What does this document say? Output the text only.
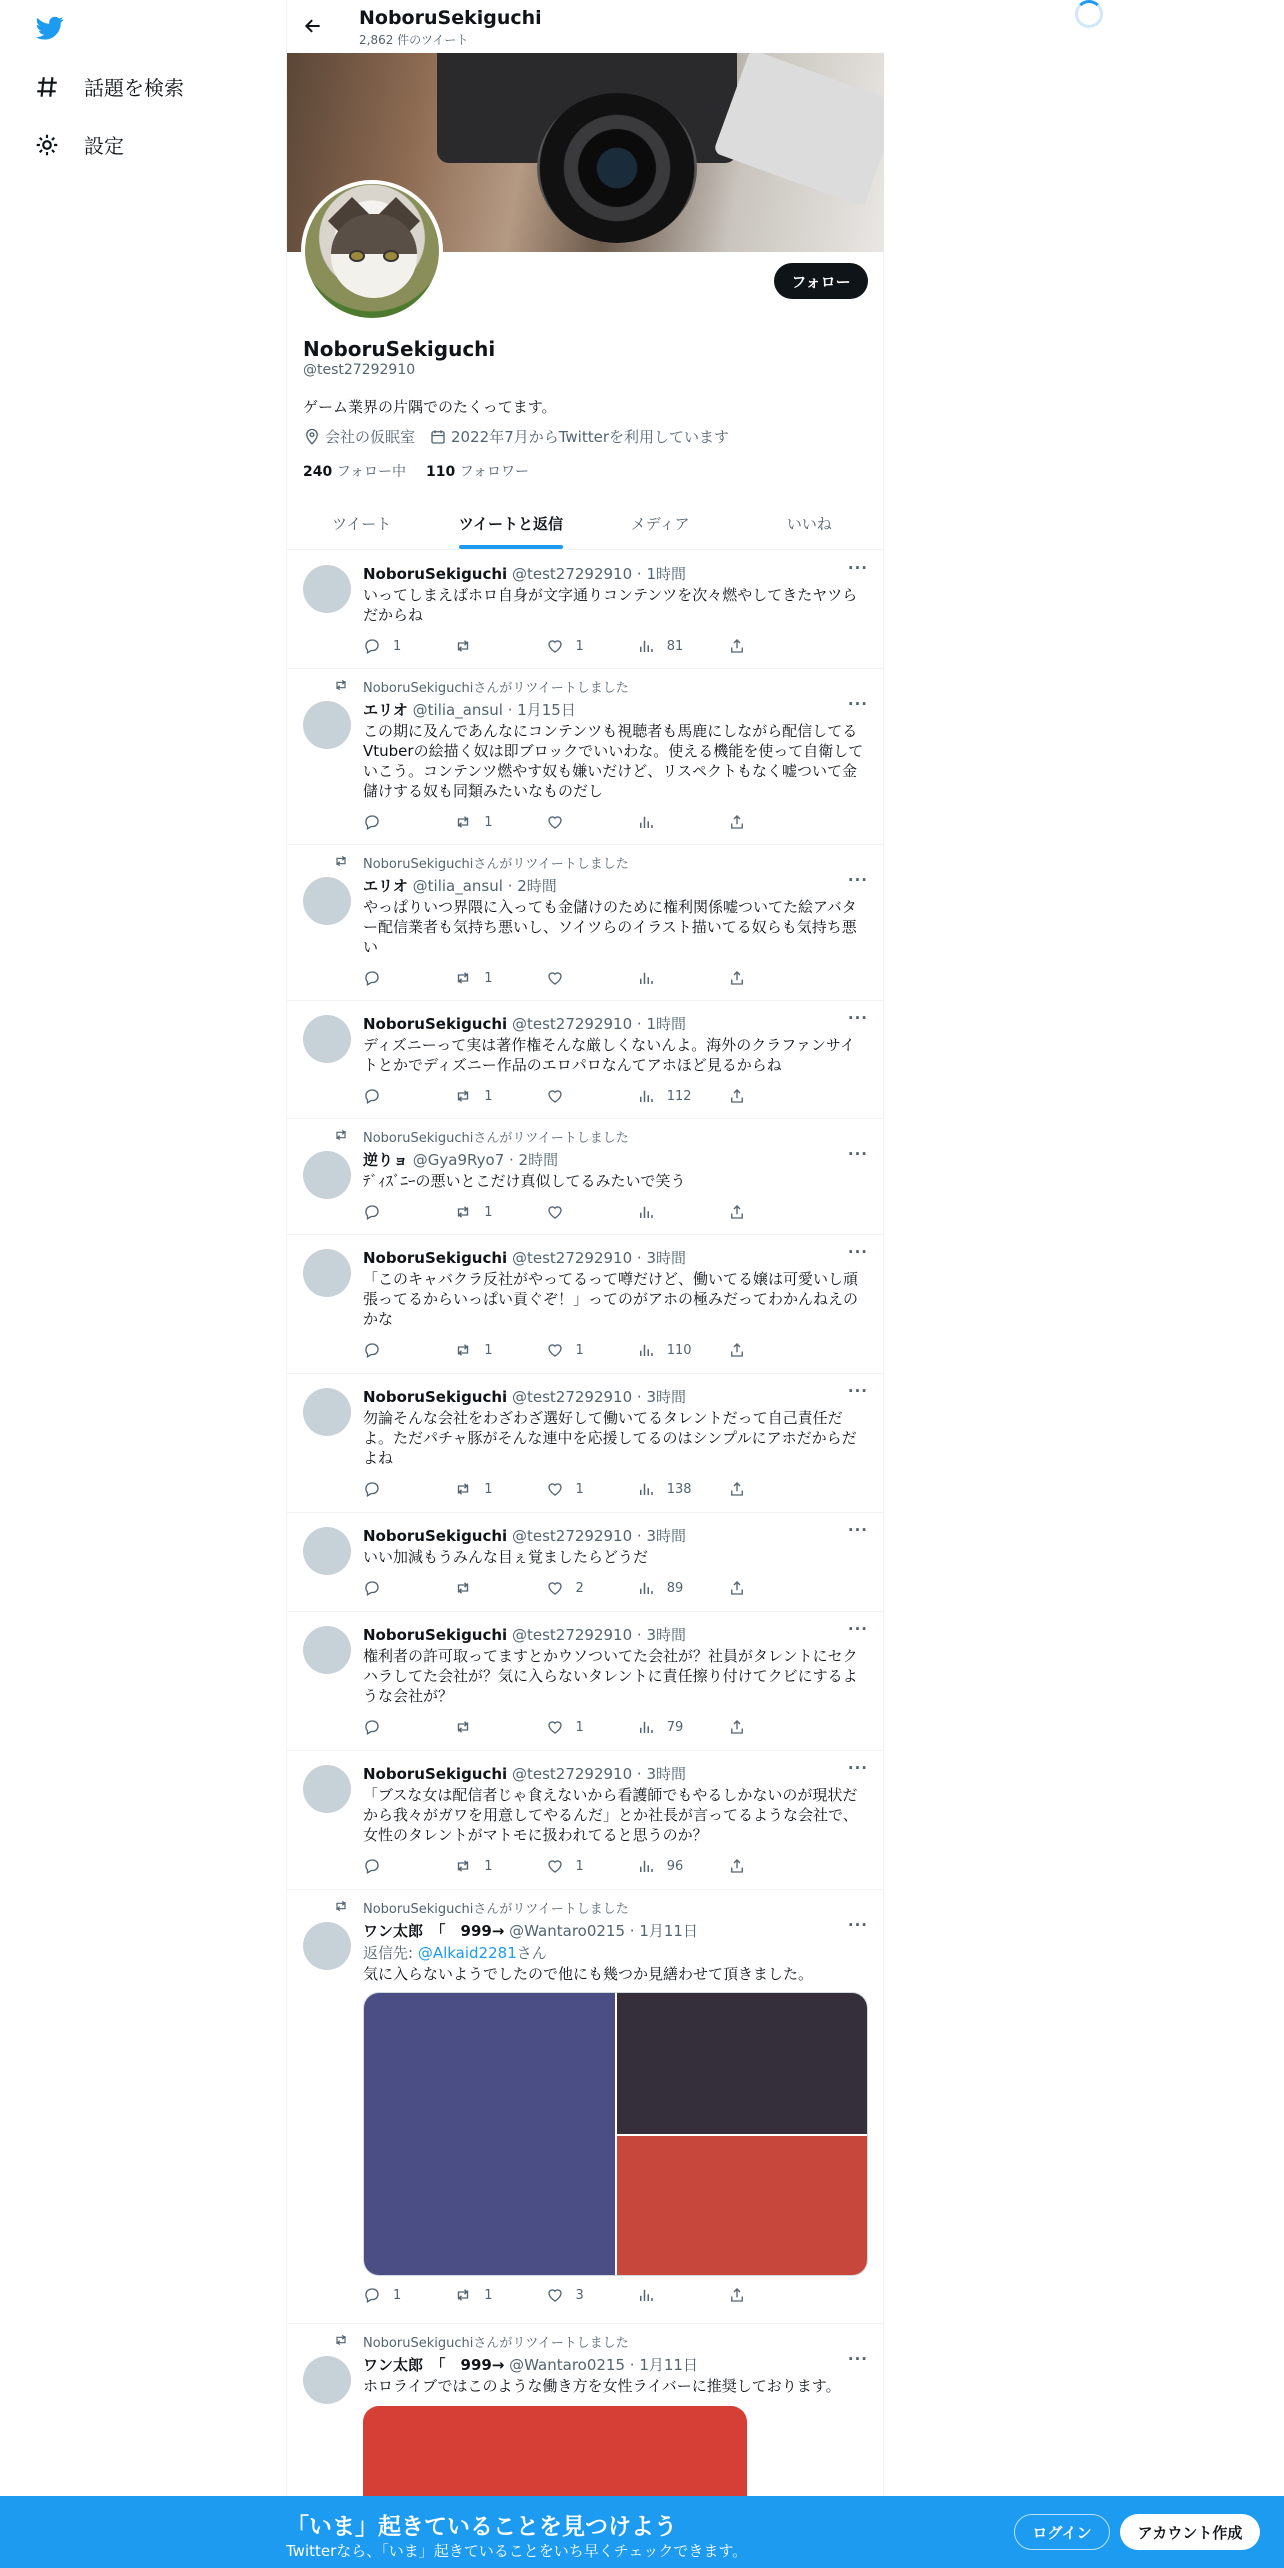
話題を検索
設定
NoboruSekiguchi
2,862 件のツイート
フォロー
NoboruSekiguchi
@test27292910
ゲーム業界の片隅でのたくってます。
会社の仮眠室 2022年7月からTwitterを利用しています
240 フォロー中 110 フォロワー
ツイート	ツイートと返信	メディア	いいね
NoboruSekiguchi @test27292910 · 1時間	···
いってしまえばホロ自身が文字通りコンテンツを次々燃やしてきたヤツらだからね
1	1	81
NoboruSekiguchiさんがリツイートしました
エリオ @tilia_ansul · 1月15日	···
この期に及んであんなにコンテンツも視聴者も馬鹿にしながら配信してるVtuberの絵描く奴は即ブロックでいいわな。使える機能を使って自衛していこう。コンテンツ燃やす奴も嫌いだけど、リスペクトもなく嘘ついて金儲けする奴も同類みたいなものだし
1
NoboruSekiguchiさんがリツイートしました
エリオ @tilia_ansul · 2時間	···
やっぱりいつ界隈に入っても金儲けのために権利関係嘘ついてた絵アバター配信業者も気持ち悪いし、ソイツらのイラスト描いてる奴らも気持ち悪い
1
NoboruSekiguchi @test27292910 · 1時間	···
ディズニーって実は著作権そんな厳しくないんよ。海外のクラファンサイトとかでディズニー作品のエロパロなんてアホほど見るからね
1	112
NoboruSekiguchiさんがリツイートしました
逆りョ @Gya9Ryo7 · 2時間	···
ﾃﾞｨｽﾞﾆｰの悪いとこだけ真似してるみたいで笑う
1
NoboruSekiguchi @test27292910 · 3時間	···
「このキャバクラ反社がやってるって噂だけど、働いてる嬢は可愛いし頑張ってるからいっぱい貢ぐぞ！」ってのがアホの極みだってわかんねえのかな
1	1	110
NoboruSekiguchi @test27292910 · 3時間	···
勿論そんな会社をわざわざ選好して働いてるタレントだって自己責任だよ。ただパチャ豚がそんな連中を応援してるのはシンプルにアホだからだよね
1	1	138
NoboruSekiguchi @test27292910 · 3時間	···
いい加減もうみんな目ぇ覚ましたらどうだ
2	89
NoboruSekiguchi @test27292910 · 3時間	···
権利者の許可取ってますとかウソついてた会社が？社員がタレントにセクハラしてた会社が？気に入らないタレントに責任擦り付けてクビにするような会社が？
1	79
NoboruSekiguchi @test27292910 · 3時間	···
「ブスな女は配信者じゃ食えないから看護師でもやるしかないのが現状だから我々がガワを用意してやるんだ」とか社長が言ってるような会社で、女性のタレントがマトモに扱われてると思うのか？
1	1	96
NoboruSekiguchiさんがリツイートしました
ワン太郎　「　999→ @Wantaro0215 · 1月11日	···
返信先: @Alkaid2281さん
気に入らないようでしたので他にも幾つか見繕わせて頂きました。
1	1	3
NoboruSekiguchiさんがリツイートしました
ワン太郎　「　999→ @Wantaro0215 · 1月11日	···
ホロライブではこのような働き方を女性ライバーに推奨しております。
「いま」起きていることを見つけよう
Twitterなら、「いま」起きていることをいち早くチェックできます。
ログイン	アカウント作成
